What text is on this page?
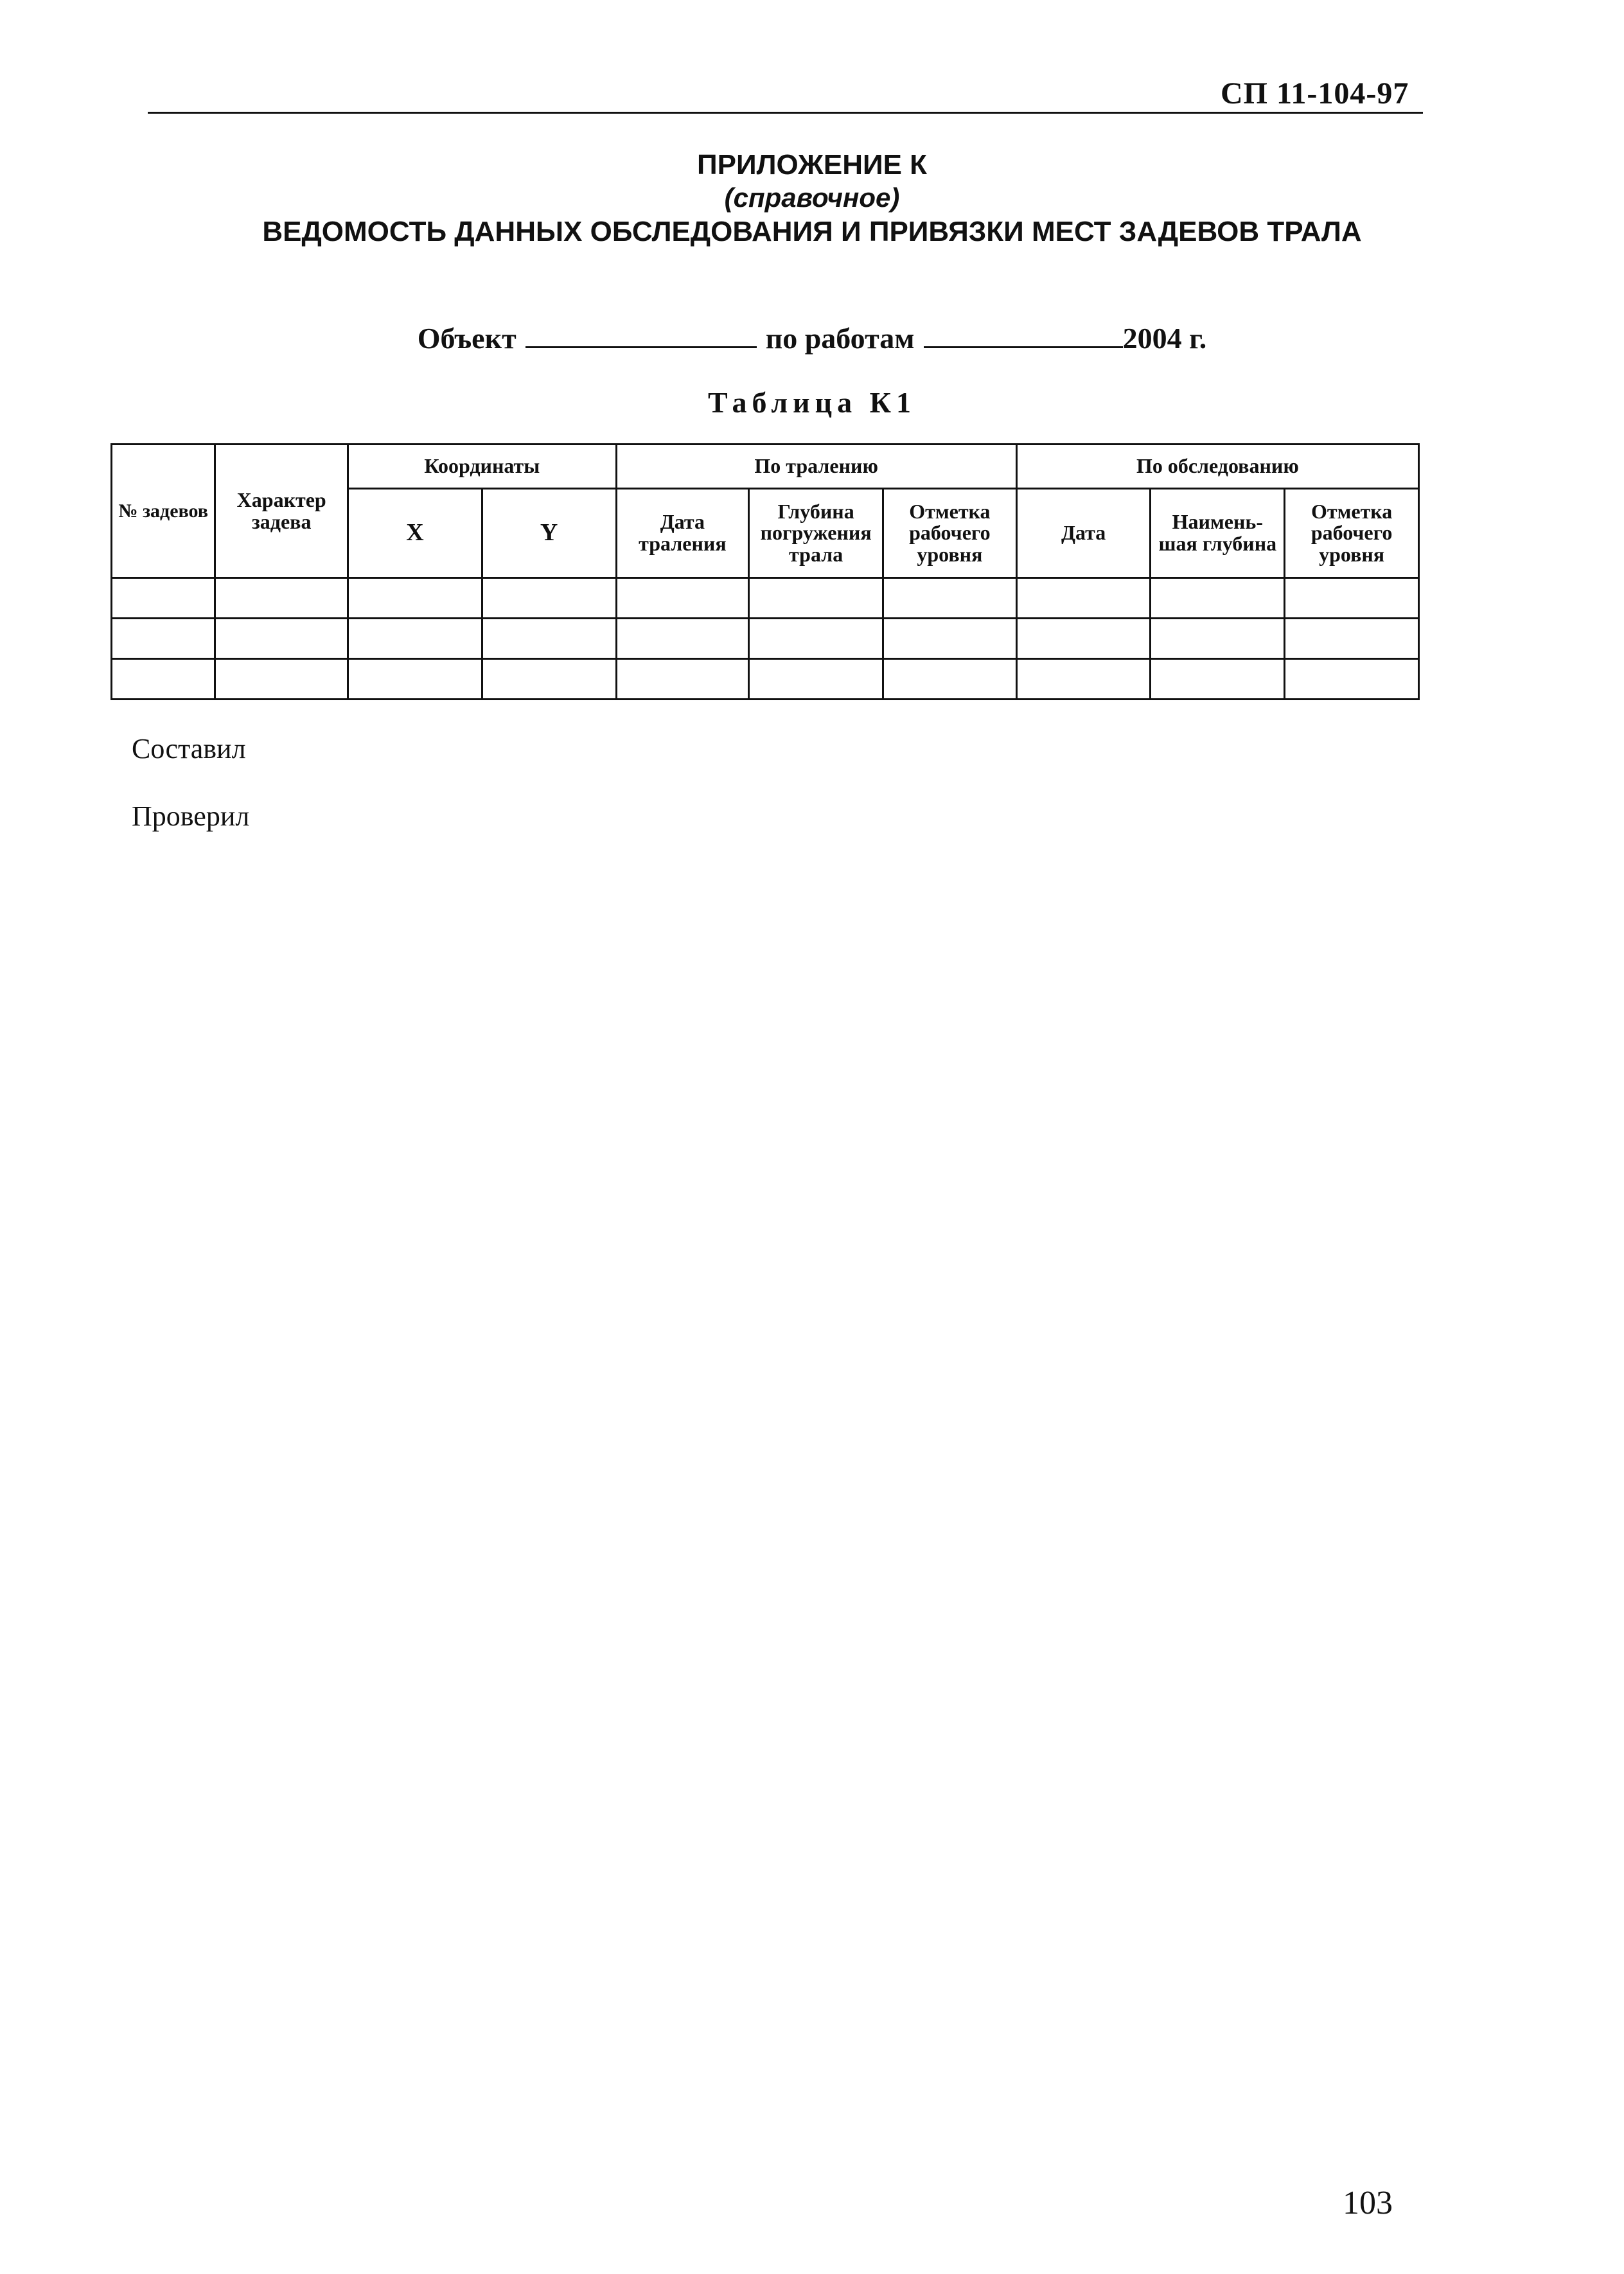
СП 11-104-97
ПРИЛОЖЕНИЕ К
(справочное)
ВЕДОМОСТЬ ДАННЫХ ОБСЛЕДОВАНИЯ И ПРИВЯЗКИ МЕСТ ЗАДЕВОВ ТРАЛА
Объект	по работам	2004 г.
Таблица К1
№ задевов	Характер задева	Координаты		По тралению			По обследованию		
		X	Y	Дата траления	Глубина погружения трала	Отметка рабочего уровня	Дата	Наимень-шая глубина	Отметка рабочего уровня

Составил
Проверил
103
